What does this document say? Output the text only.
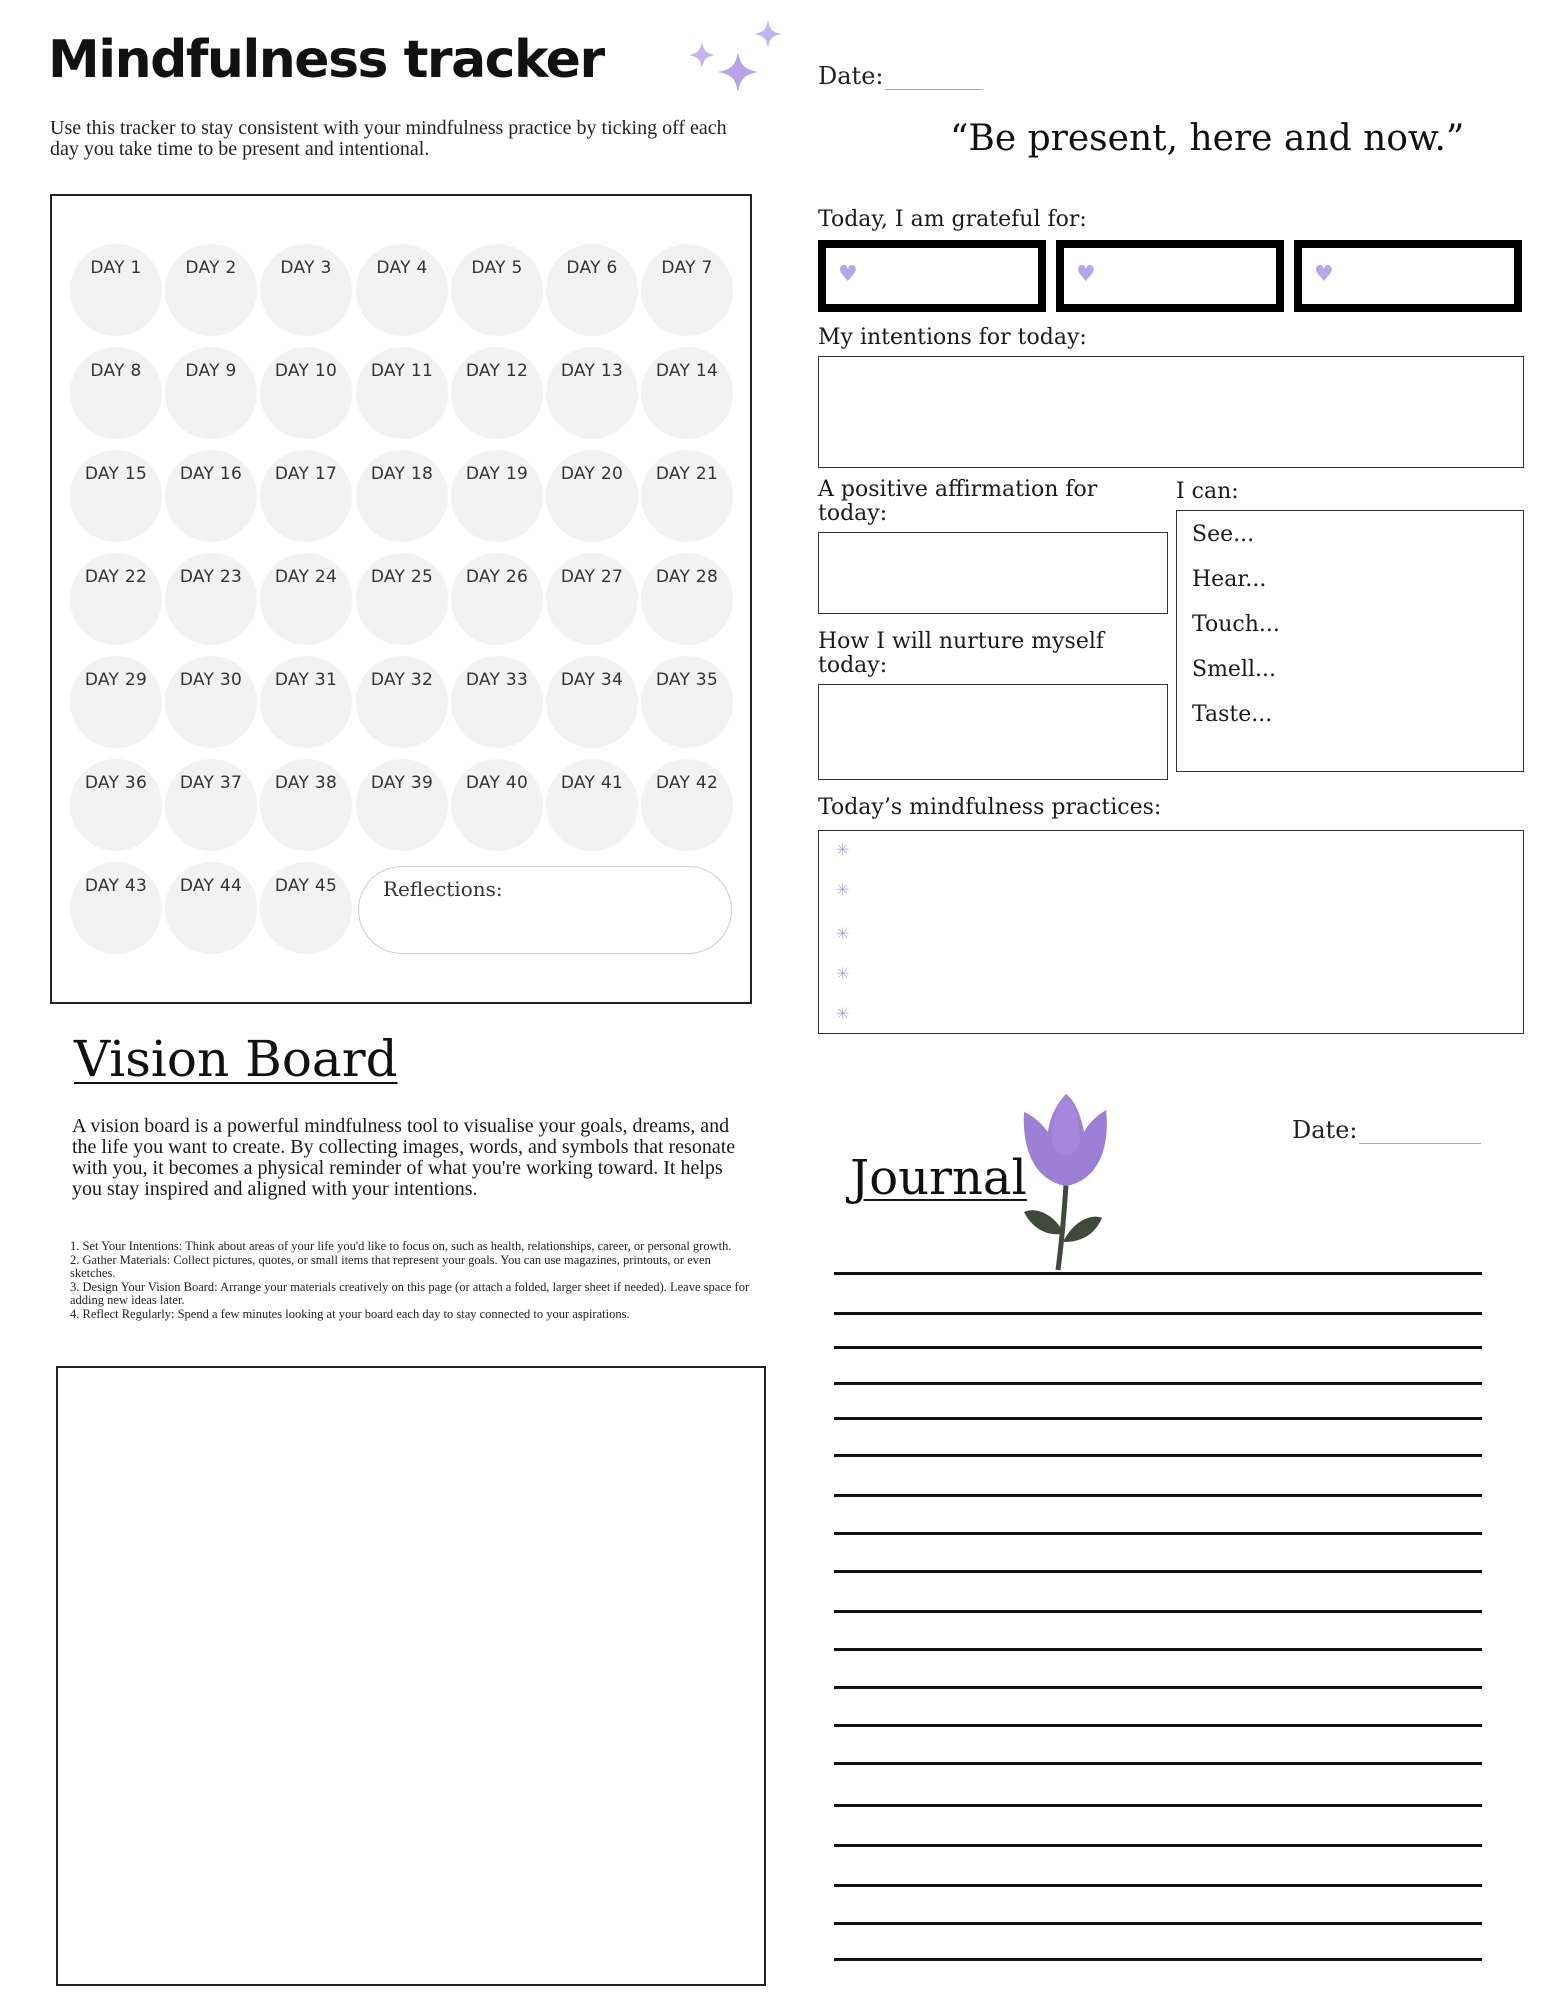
Mindfulness tracker
Use this tracker to stay consistent with your mindfulness practice by ticking off each day you take time to be present and intentional.
DAY 1	DAY 2	DAY 3	DAY 4	DAY 5	DAY 6	DAY 7
DAY 8	DAY 9	DAY 10	DAY 11	DAY 12	DAY 13	DAY 14
DAY 15	DAY 16	DAY 17	DAY 18	DAY 19	DAY 20	DAY 21
DAY 22	DAY 23	DAY 24	DAY 25	DAY 26	DAY 27	DAY 28
DAY 29	DAY 30	DAY 31	DAY 32	DAY 33	DAY 34	DAY 35
DAY 36	DAY 37	DAY 38	DAY 39	DAY 40	DAY 41	DAY 42
DAY 43	DAY 44	DAY 45	Reflections:
Vision Board
A vision board is a powerful mindfulness tool to visualise your goals, dreams, and the life you want to create. By collecting images, words, and symbols that resonate with you, it becomes a physical reminder of what you're working toward. It helps you stay inspired and aligned with your intentions.

1. Set Your Intentions: Think about areas of your life you'd like to focus on, such as health, relationships, career, or personal growth.

2. Gather Materials: Collect pictures, quotes, or small items that represent your goals. You can use magazines, printouts, or even sketches.

3. Design Your Vision Board: Arrange your materials creatively on this page (or attach a folded, larger sheet if needed). Leave space for adding new ideas later.

4. Reflect Regularly: Spend a few minutes looking at your board each day to stay connected to your aspirations.

Date:
“Be present, here and now.”
Today, I am grateful for:
♥	♥	♥
My intentions for today:
A positive affirmation for today:
How I will nurture myself today:
I can:
See...
Hear...
Touch...
Smell...
Taste...
Today’s mindfulness practices:
✳
✳
✳
✳
✳
Journal
Date:
